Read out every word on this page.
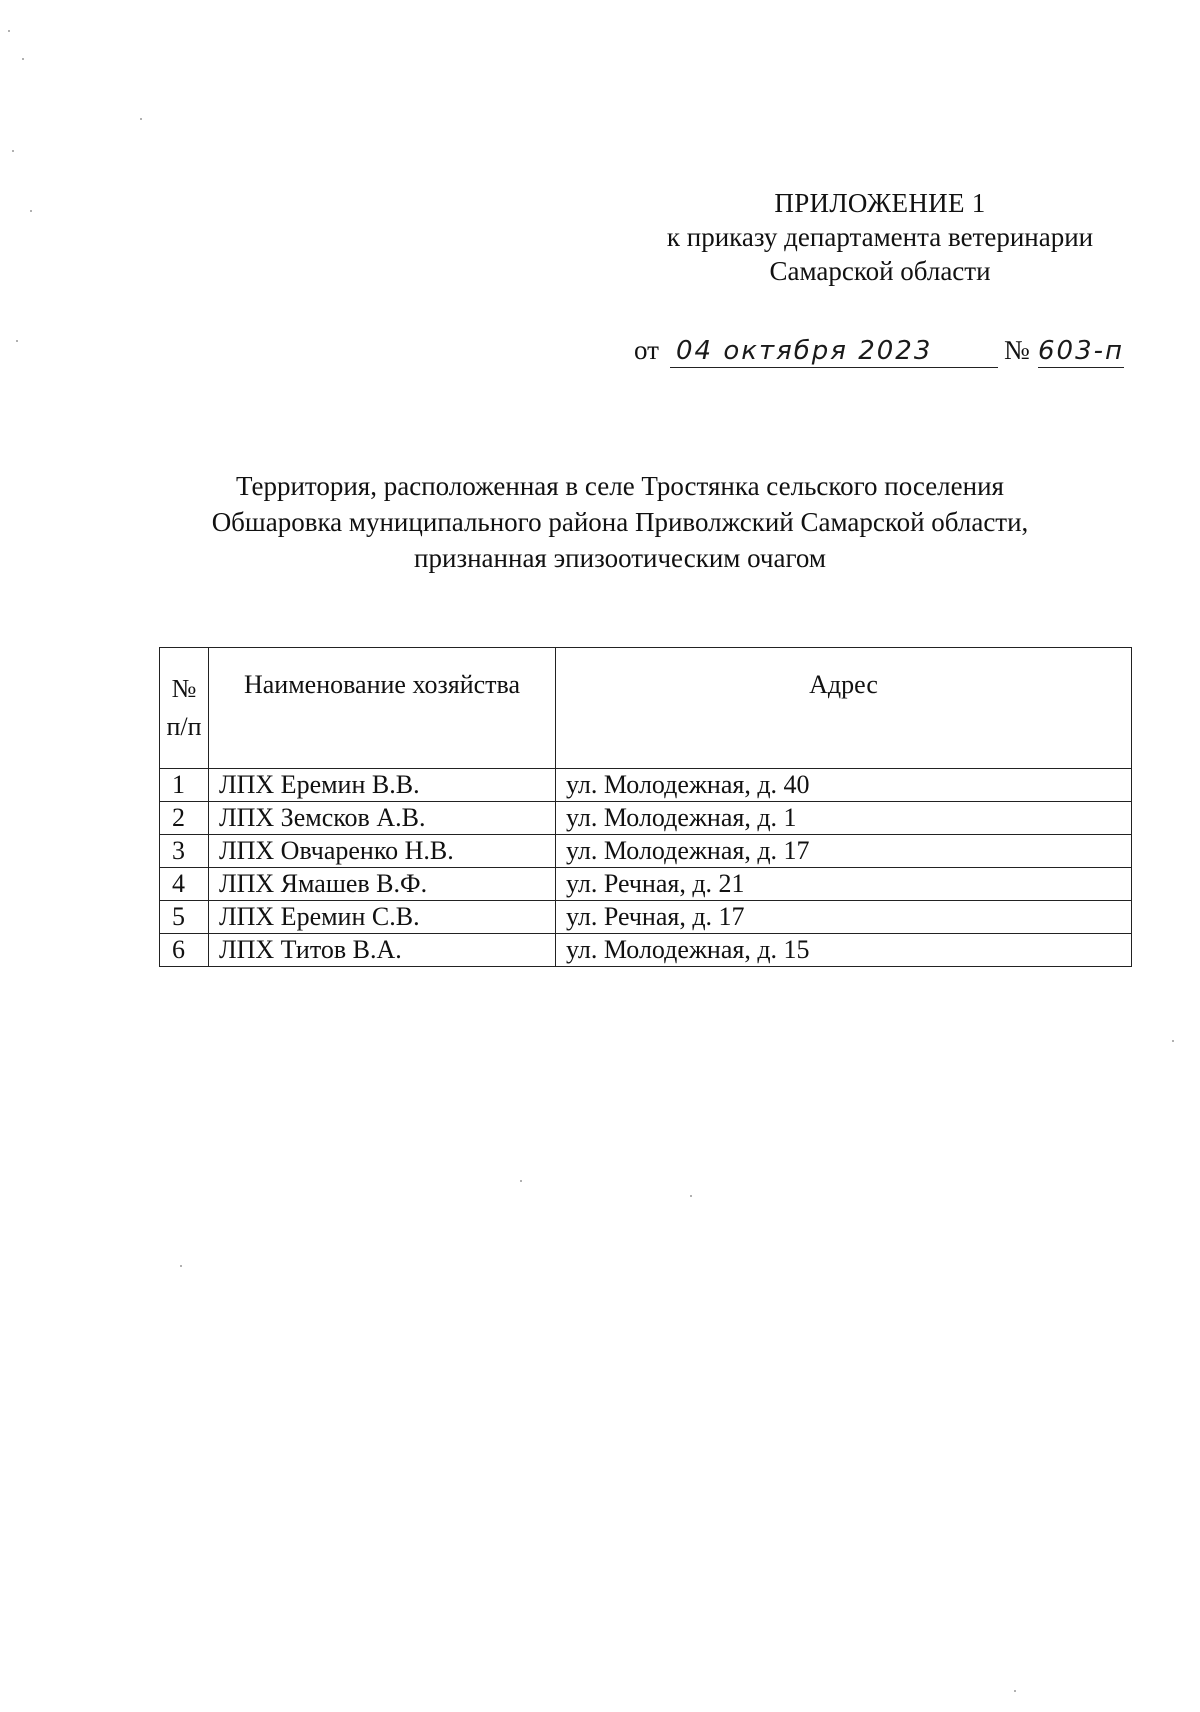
ПРИЛОЖЕНИЕ 1
к приказу департамента ветеринарии
Самарской области
от 04 октября 2023	№ 603-п
Территория, расположенная в селе Тростянка сельского поселения
Обшаровка муниципального района Приволжский Самарской области,
признанная эпизоотическим очагом
№
п/п	Наименование хозяйства	Адрес
1	ЛПХ Еремин В.В.	ул. Молодежная, д. 40
2	ЛПХ Земсков А.В.	ул. Молодежная, д. 1
3	ЛПХ Овчаренко Н.В.	ул. Молодежная, д. 17
4	ЛПХ Ямашев В.Ф.	ул. Речная, д. 21
5	ЛПХ Еремин С.В.	ул. Речная, д. 17
6	ЛПХ Титов В.А.	ул. Молодежная, д. 15
